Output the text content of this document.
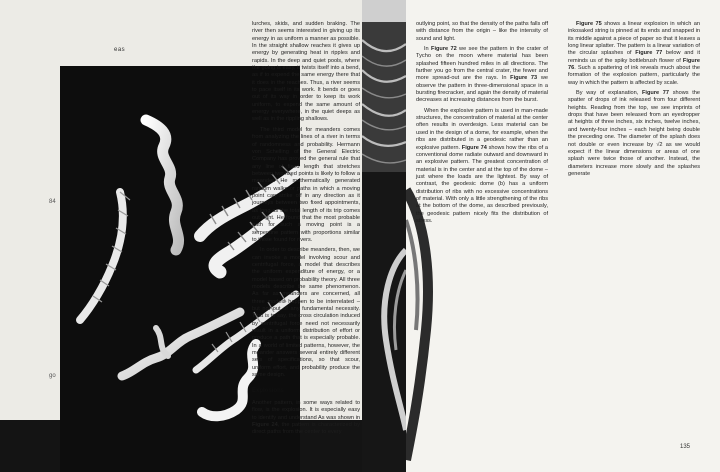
eas
84
go

lurches, skids, and sudden braking. The river then seems interested in giving up its energy in as uniform a manner as possible. In the straight shallow reaches it gives up energy by generating heat in ripples and rapids. In the deep and quiet pools, where the going is easy, it twists itself into a bend, as if to expend the same energy there that it does in the reaches. Thus, a river seems to pace itself in its work. It bends or goes out of its way in order to keep its work uniform, to expend the same amount of energy everywhere, in the quiet deeps as well as in the rippling shallows.

The third model for meanders comes from analyzing the lines of a river in terms of randomness and probability. Hermann von Schelling of the General Electric Company has proved the general rule that any line of fixed length that stretches between two fixed points is likely to follow a meander. He mathematically generated random walks or paths in which a moving point can strike off in any direction as it journeys between two fixed appointments, as long as the total length of its trip comes out right. He found that the most probable path for such a moving point is a serpentine pattern with proportions similar to those found for rivers.

In order to describe meanders, then, we can invoke a model involving scour and centrifugal force, a model that describes the uniform expenditure of energy, or a model based on probability theory. All three models describe the same phenomenon. As far as meanders are concerned, all three models happen to be interrelated – but not out of any fundamental necessity. That is to say, the cross circulation induced by centrifugal force need not necessarily result in a uniform distribution of effort or produce a path that is especially probable. In a world of limited patterns, however, the meander answers several entirely different sets of specifications, so that scour, uniform effort, and probability produce the same design.

Explosions

Another pattern, in some ways related to flow, is the explosion. It is especially easy to identify and understand As was shown in Figure 24, the pattern is characterized by direct paths from the center to every

outlying point, so that the density of the paths falls off with distance from the origin – like the intensity of sound and light.

In Figure 72 we see the pattern in the crater of Tycho on the moon where material has been splashed fifteen hundred miles in all directions. The farther you go from the central crater, the fewer and more spread-out are the rays. In Figure 73 we observe the pattern in three-dimensional space in a bursting firecracker, and again the density of material decreases at increasing distances from the burst.

When the explosive pattern is used in man-made structures, the concentration of material at the center often results in overdesign. Less material can be used in the design of a dome, for example, when the ribs are distributed in a geodesic rather than an explosive pattern. Figure 74 shows how the ribs of a conventional dome radiate outward and downward in an explosive pattern. The greatest concentration of material is in the center and at the top of the dome – just where the loads are the lightest. By way of contrast, the geodesic dome (b) has a uniform distribution of ribs with no excessive concentrations of material. With only a little strengthening of the ribs at the bottom of the dome, as described previously, the geodesic pattern nicely fits the distribution of stress.

Figure 75 shows a linear explosion in which an inkosaked string is pinned at its ends and snapped in its middle against a piece of paper so that it leaves a long linear splatter. The pattern is a linear variation of the circular splashes of Figure 77 below and it reminds us of the spiky bottlebrush flower of Figure 76. Such a spattering of ink reveals much about the formation of the explosion pattern, particularly the way in which the pattern is affected by scale.

By way of explanation, Figure 77 shows the spatter of drops of ink released from four different heights. Reading from the top, we see imprints of drops that have been released from an eyedropper at heights of three inches, six inches, twelve inches, and twenty-four inches – each height being double the preceding one. The diameter of the splash does not double or even increase by √2 as we would expect if the linear dimensions or areas of one splash were twice those of another. Instead, the diameters increase more slowly and the splashes generate

135
